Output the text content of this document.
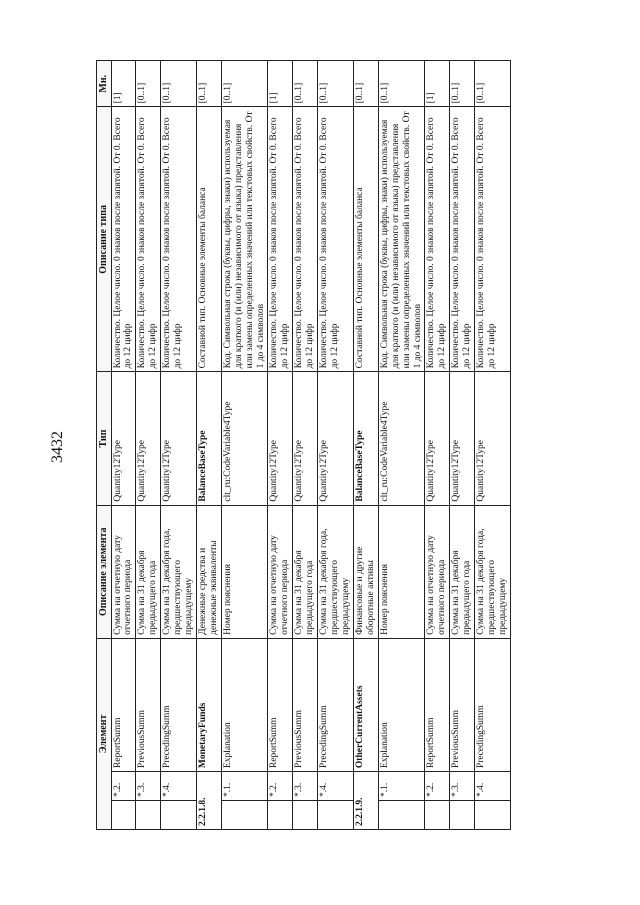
3432
Элемент			Описание элемента	Тип	Описание типа	Мн.
	*.2.	ReportSumm	Сумма на отчетную дату отчетного периода	Quantity12Type	Количество. Целое число. 0 знаков после запятой. От 0. Всего до 12 цифр	[1]
	*.3.	PreviousSumm	Сумма на 31 декабря предыдущего года	Quantity12Type	Количество. Целое число. 0 знаков после запятой. От 0. Всего до 12 цифр	[0..1]
	*.4.	PrecedingSumm	Сумма на 31 декабря года, предшествующего предыдущему	Quantity12Type	Количество. Целое число. 0 знаков после запятой. От 0. Всего до 12 цифр	[0..1]
2.2.1.8.		MonetaryFunds	Денежные средства и денежные эквиваленты	BalanceBaseType	Составной тип. Основные элементы баланса	[0..1]
	*.1.	Explanation	Номер пояснения	clt_ru:CodeVariable4Type	Код. Символьная строка (буквы, цифры, знаки) используемая для краткого (и (или) независимого от языка) представления или замены определенных значений или текстовых свойств. От 1 до 4 символов	[0..1]
	*.2.	ReportSumm	Сумма на отчетную дату отчетного периода	Quantity12Type	Количество. Целое число. 0 знаков после запятой. От 0. Всего до 12 цифр	[1]
	*.3.	PreviousSumm	Сумма на 31 декабря предыдущего года	Quantity12Type	Количество. Целое число. 0 знаков после запятой. От 0. Всего до 12 цифр	[0..1]
	*.4.	PrecedingSumm	Сумма на 31 декабря года, предшествующего предыдущему	Quantity12Type	Количество. Целое число. 0 знаков после запятой. От 0. Всего до 12 цифр	[0..1]
2.2.1.9.		OtherCurrentAssets	Финансовые и другие оборотные активы	BalanceBaseType	Составной тип. Основные элементы баланса	[0..1]
	*.1.	Explanation	Номер пояснения	clt_ru:CodeVariable4Type	Код. Символьная строка (буквы, цифры, знаки) используемая для краткого (и (или) независимого от языка) представления или замены определенных значений или текстовых свойств. От 1 до 4 символов	[0..1]
	*.2.	ReportSumm	Сумма на отчетную дату отчетного периода	Quantity12Type	Количество. Целое число. 0 знаков после запятой. От 0. Всего до 12 цифр	[1]
	*.3.	PreviousSumm	Сумма на 31 декабря предыдущего года	Quantity12Type	Количество. Целое число. 0 знаков после запятой. От 0. Всего до 12 цифр	[0..1]
	*.4.	PrecedingSumm	Сумма на 31 декабря года, предшествующего предыдущему	Quantity12Type	Количество. Целое число. 0 знаков после запятой. От 0. Всего до 12 цифр	[0..1]
